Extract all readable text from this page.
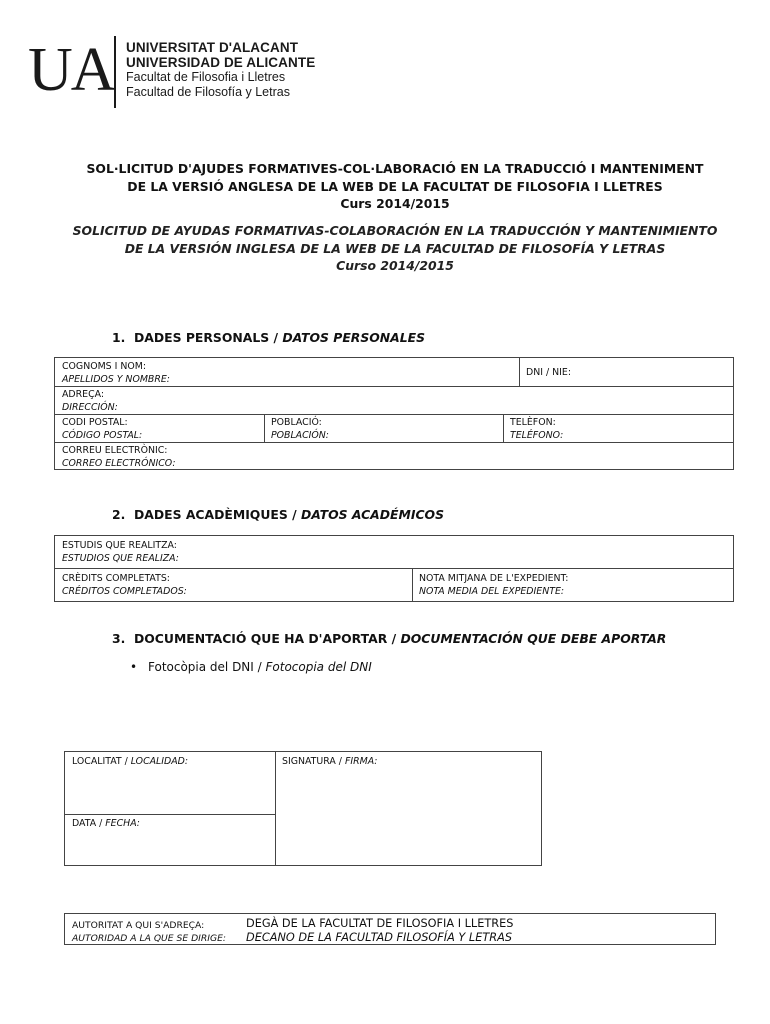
UA UNIVERSITAT D'ALACANT
UNIVERSIDAD DE ALICANTE
Facultat de Filosofia i Lletres
Facultad de Filosofía y Letras
SOL·LICITUD D'AJUDES FORMATIVES-COL·LABORACIÓ EN LA TRADUCCIÓ I MANTENIMENT
DE LA VERSIÓ ANGLESA DE LA WEB DE LA FACULTAT DE FILOSOFIA I LLETRES
Curs 2014/2015
SOLICITUD DE AYUDAS FORMATIVAS-COLABORACIÓN EN LA TRADUCCIÓN Y MANTENIMIENTO
DE LA VERSIÓN INGLESA DE LA WEB DE LA FACULTAD DE FILOSOFÍA Y LETRAS
Curso 2014/2015
1. DADES PERSONALS / DATOS PERSONALES
COGNOMS I NOM:
APELLIDOS Y NOMBRE:
DNI / NIE:
ADREÇA:
DIRECCIÓN:
CODI POSTAL:
CÓDIGO POSTAL:
POBLACIÓ:
POBLACIÓN:
TELÈFON:
TELÉFONO:
CORREU ELECTRÒNIC:
CORREO ELECTRÓNICO:
2. DADES ACADÈMIQUES / DATOS ACADÉMICOS
ESTUDIS QUE REALITZA:
ESTUDIOS QUE REALIZA:
CRÈDITS COMPLETATS:
CRÉDITOS COMPLETADOS:
NOTA MITJANA DE L'EXPEDIENT:
NOTA MEDIA DEL EXPEDIENTE:
3. DOCUMENTACIÓ QUE HA D'APORTAR / DOCUMENTACIÓN QUE DEBE APORTAR
• Fotocòpia del DNI / Fotocopia del DNI
LOCALITAT / LOCALIDAD:	SIGNATURA / FIRMA:
DATA / FECHA:
AUTORITAT A QUI S'ADREÇA:
AUTORIDAD A LA QUE SE DIRIGE:
DEGÀ DE LA FACULTAT DE FILOSOFIA I LLETRES
DECANO DE LA FACULTAD FILOSOFÍA Y LETRAS
